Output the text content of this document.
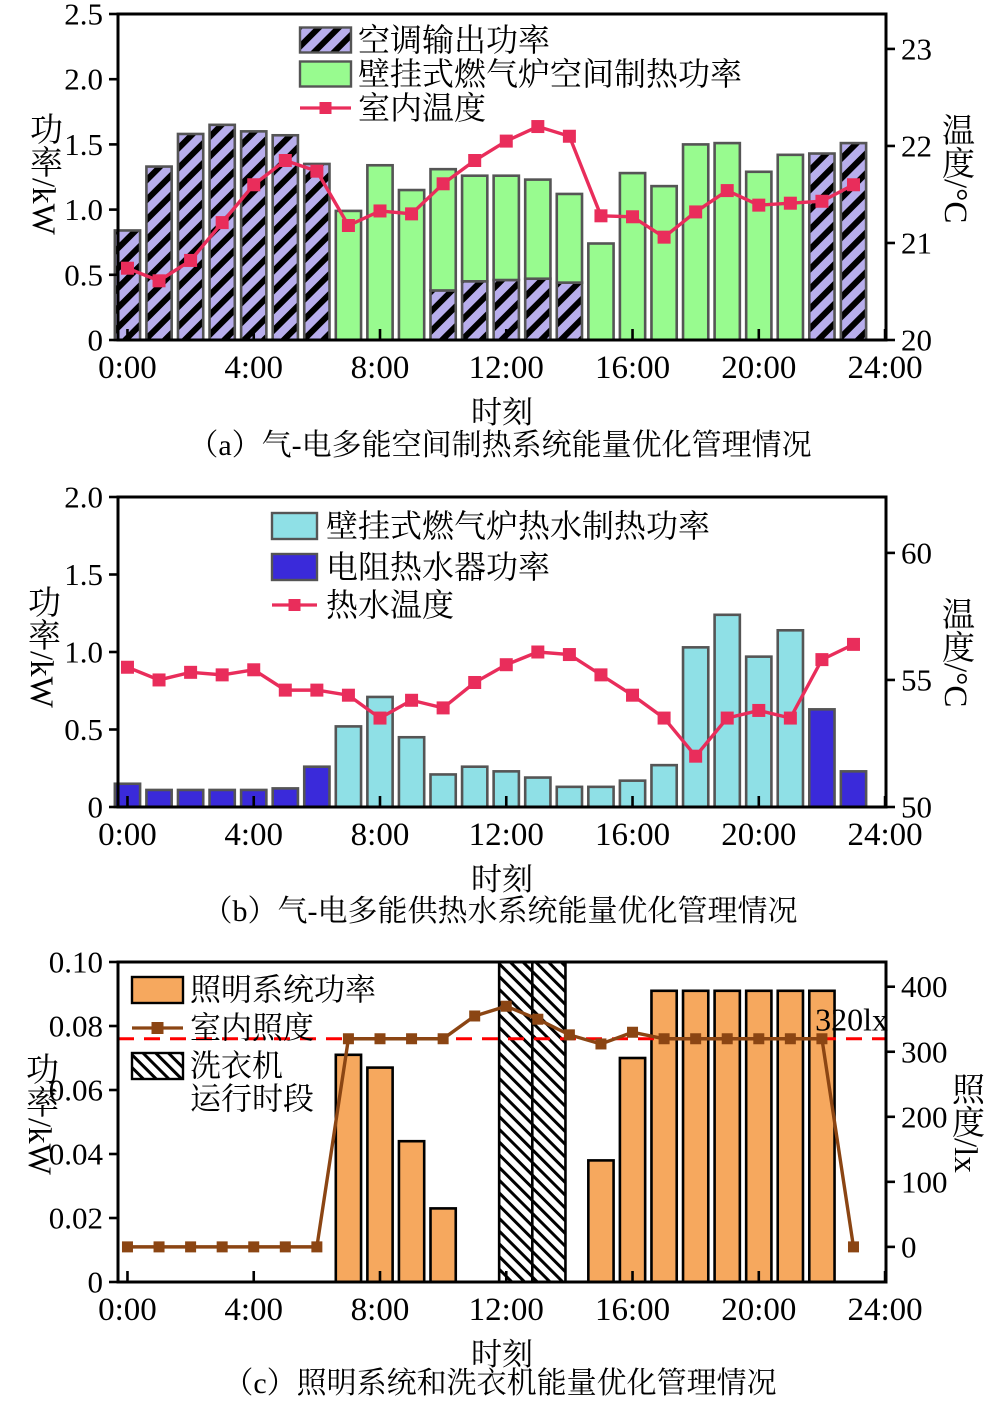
0
0.5
1.0
1.5
2.0
2.5
20
21
22
23
0:00 4:00 8:00 12:00 16:00 20:00 24:00
空调输出功率
壁挂式燃气炉空间制热功率
室内温度
0
0.5
1.0
1.5
2.0
50
55
60
0:00 4:00 8:00 12:00 16:00 20:00 24:00
壁挂式燃气炉热水制热功率
电阻热水器功率
热水温度
0
0.02
0.04
0.06
0.08
0.10
0
100
200
300
400
0:00 4:00 8:00 12:00 16:00 20:00 24:00
320lx
照明系统功率
室内照度
洗衣机
运行时段
功率/kW	温度/°C
功率/kW	温度/°C
功率/kW	照度/lx
时刻
时刻
时刻
（a）气-电多能空间制热系统能量优化管理情况
（b）气-电多能供热水系统能量优化管理情况
（c）照明系统和洗衣机能量优化管理情况
